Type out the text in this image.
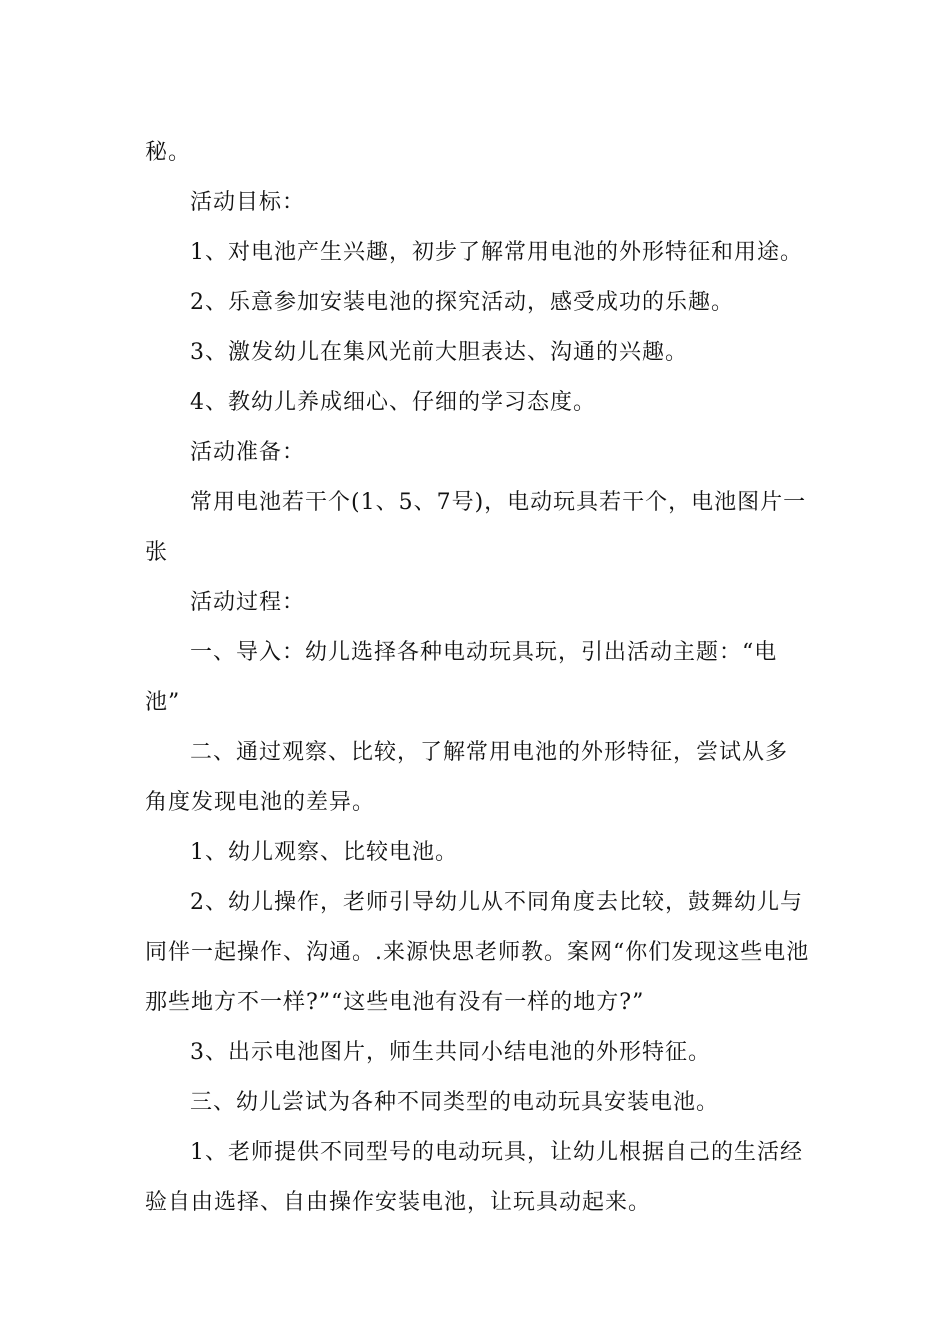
秘。

活动目标：

1、对电池产生兴趣，初步了解常用电池的外形特征和用途。

2、乐意参加安装电池的探究活动，感受成功的乐趣。

3、激发幼儿在集风光前大胆表达、沟通的兴趣。

4、教幼儿养成细心、仔细的学习态度。

活动准备：

常用电池若干个(1、5、7号)，电动玩具若干个，电池图片一张

活动过程：

一、导入：幼儿选择各种电动玩具玩，引出活动主题：“电池”

二、通过观察、比较，了解常用电池的外形特征，尝试从多角度发现电池的差异。

1、幼儿观察、比较电池。

2、幼儿操作，老师引导幼儿从不同角度去比较，鼓舞幼儿与同伴一起操作、沟通。.来源快思老师教。案网“你们发现这些电池那些地方不一样?”“这些电池有没有一样的地方?”

3、出示电池图片，师生共同小结电池的外形特征。

三、幼儿尝试为各种不同类型的电动玩具安装电池。

1、老师提供不同型号的电动玩具，让幼儿根据自己的生活经验自由选择、自由操作安装电池，让玩具动起来。
